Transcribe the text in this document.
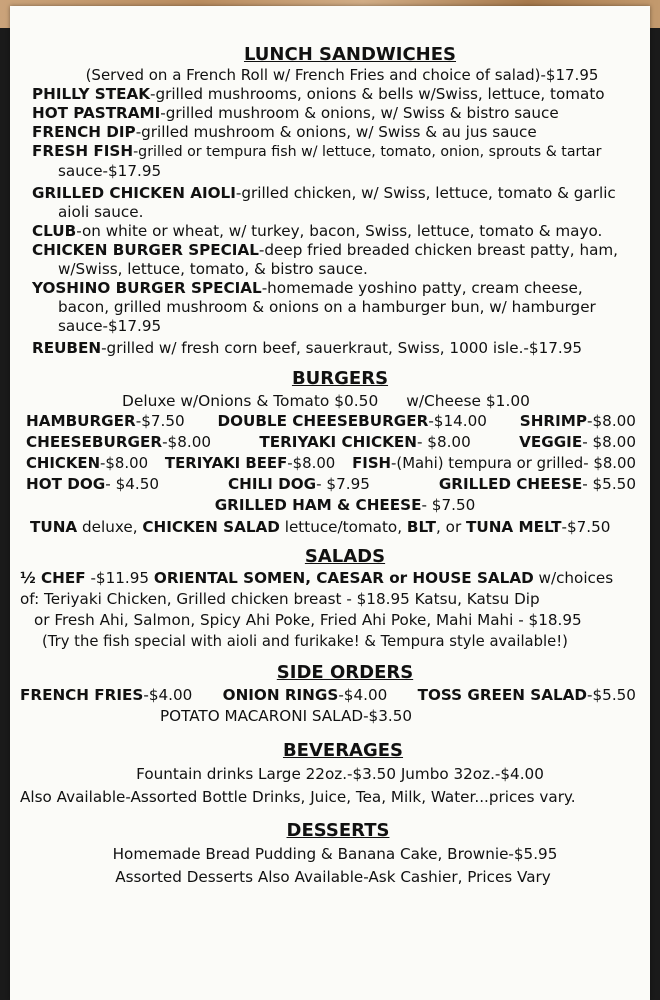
LUNCH SANDWICHES

(Served on a French Roll w/ French Fries and choice of salad)-$17.95

PHILLY STEAK-grilled mushrooms, onions & bells w/Swiss, lettuce, tomato

HOT PASTRAMI-grilled mushroom & onions, w/ Swiss & bistro sauce

FRENCH DIP-grilled mushroom & onions, w/ Swiss & au jus sauce

FRESH FISH-grilled or tempura fish w/ lettuce, tomato, onion, sprouts & tartar

sauce-$17.95

GRILLED CHICKEN AIOLI-grilled chicken, w/ Swiss, lettuce, tomato & garlic

aioli sauce.

CLUB-on white or wheat, w/ turkey, bacon, Swiss, lettuce, tomato & mayo.

CHICKEN BURGER SPECIAL-deep fried breaded chicken breast patty, ham,

w/Swiss, lettuce, tomato, & bistro sauce.

YOSHINO BURGER SPECIAL-homemade yoshino patty, cream cheese,

bacon, grilled mushroom & onions on a hamburger bun, w/ hamburger

sauce-$17.95

REUBEN-grilled w/ fresh corn beef, sauerkraut, Swiss, 1000 isle.-$17.95

BURGERS

Deluxe w/Onions & Tomato $0.50 w/Cheese $1.00

HAMBURGER-$7.50 DOUBLE CHEESEBURGER-$14.00 SHRIMP-$8.00
CHEESEBURGER-$8.00	TERIYAKI CHICKEN- $8.00	VEGGIE- $8.00
CHICKEN-$8.00 TERIYAKI BEEF-$8.00 FISH-(Mahi) tempura or grilled- $8.00
HOT DOG- $4.50	CHILI DOG- $7.95	GRILLED CHEESE- $5.50

GRILLED HAM & CHEESE- $7.50

TUNA deluxe, CHICKEN SALAD lettuce/tomato, BLT, or TUNA MELT-$7.50

SALADS

½ CHEF -$11.95 ORIENTAL SOMEN, CAESAR or HOUSE SALAD w/choices

of: Teriyaki Chicken, Grilled chicken breast - $18.95 Katsu, Katsu Dip

or Fresh Ahi, Salmon, Spicy Ahi Poke, Fried Ahi Poke, Mahi Mahi - $18.95

(Try the fish special with aioli and furikake! & Tempura style available!)

SIDE ORDERS

FRENCH FRIES-$4.00 ONION RINGS-$4.00 TOSS GREEN SALAD-$5.50

POTATO MACARONI SALAD-$3.50

BEVERAGES

Fountain drinks Large 22oz.-$3.50 Jumbo 32oz.-$4.00

Also Available-Assorted Bottle Drinks, Juice, Tea, Milk, Water...prices vary.

DESSERTS

Homemade Bread Pudding & Banana Cake, Brownie-$5.95

Assorted Desserts Also Available-Ask Cashier, Prices Vary
